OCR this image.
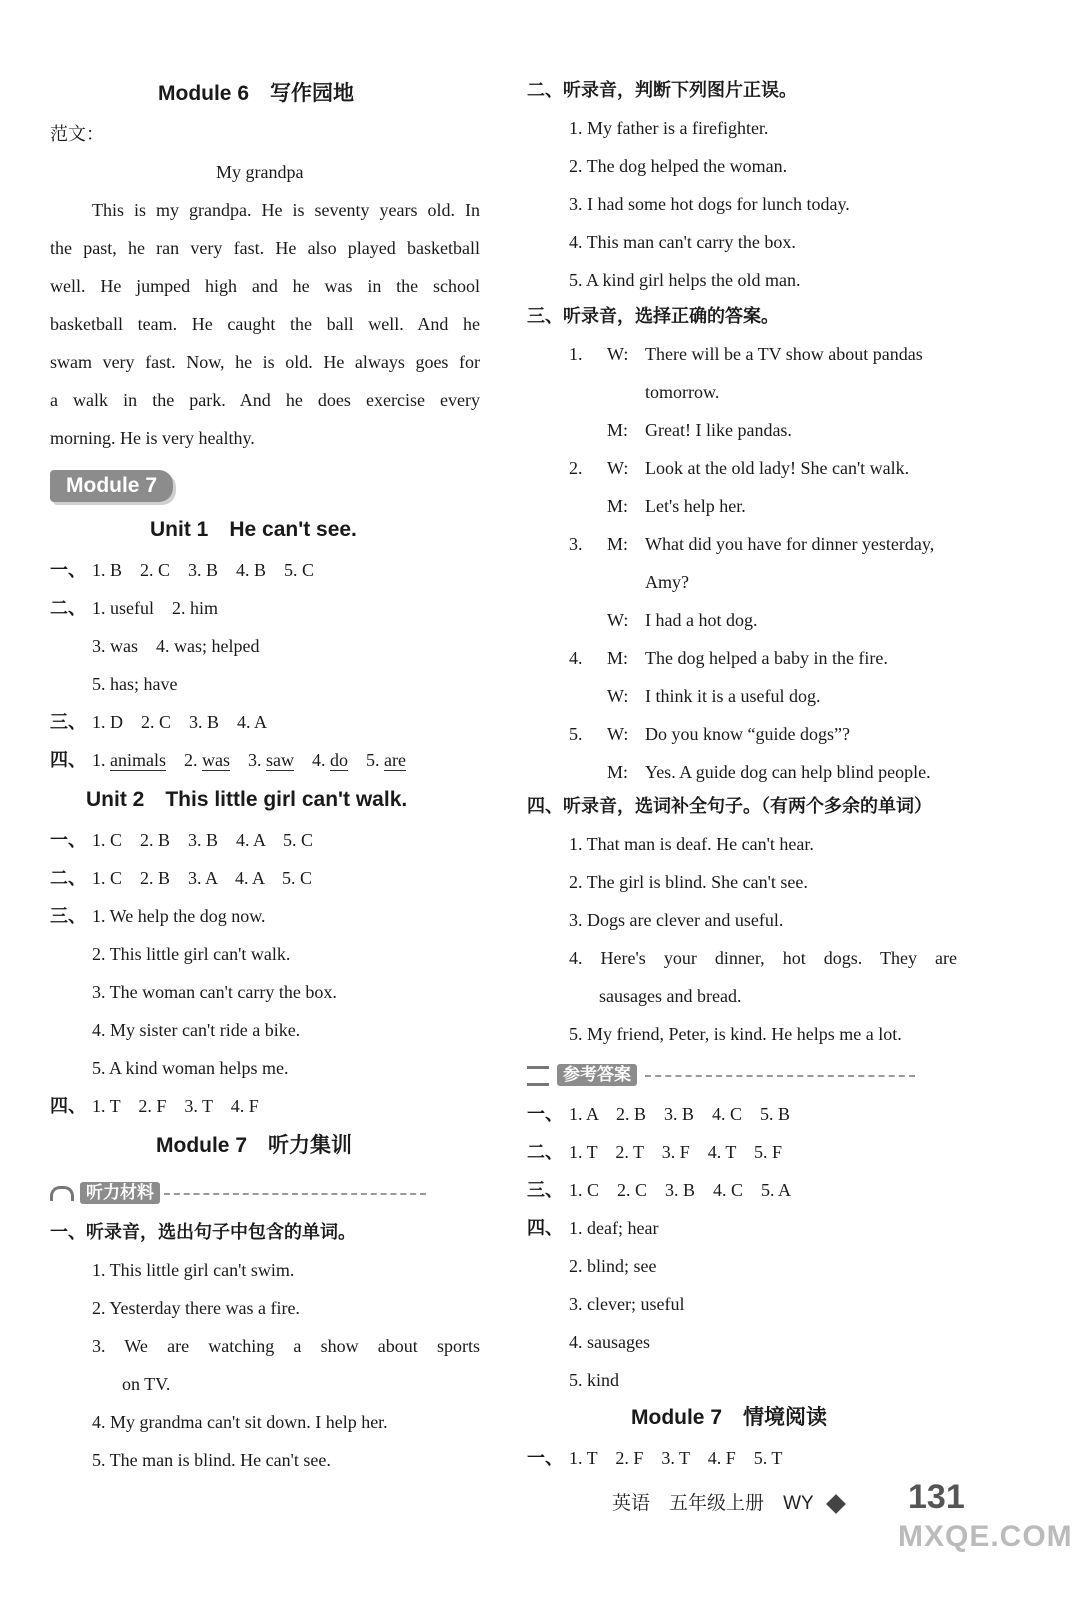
Module 6　写作园地
范文：
My grandpa
This is my grandpa. He is seventy years old. In
the past, he ran very fast. He also played basketball
well. He jumped high and he was in the school
basketball team. He caught the ball well. And he
swam very fast. Now, he is old. He always goes for
a walk in the park. And he does exercise every
morning. He is very healthy.
Module 7
Unit 1　He can't see.
一、 1. B　2. C　3. B　4. B　5. C
二、 1. useful　2. him
3. was　4. was; helped
5. has; have
三、 1. D　2. C　3. B　4. A
四、 1. animals　 2. was　 3. saw　 4. do　 5. are
Unit 2　This little girl can't walk.
一、 1. C　2. B　3. B　4. A　5. C
二、 1. C　2. B　3. A　4. A　5. C
三、 1. We help the dog now.
2. This little girl can't walk.
3. The woman can't carry the box.
4. My sister can't ride a bike.
5. A kind woman helps me.
四、 1. T　2. F　3. T　4. F
Module 7　听力集训
听力材料
一、听录音，选出句子中包含的单词。
1. This little girl can't swim.
2. Yesterday there was a fire.
3. We are watching a show about sports
on TV.
4. My grandma can't sit down. I help her.
5. The man is blind. He can't see.
二、听录音，判断下列图片正误。
1. My father is a firefighter.
2. The dog helped the woman.
3. I had some hot dogs for lunch today.
4. This man can't carry the box.
5. A kind girl helps the old man.
三、听录音，选择正确的答案。
1. W: There will be a TV show about pandas
tomorrow.
M: Great! I like pandas.
2. W: Look at the old lady! She can't walk.
M: Let's help her.
3. M: What did you have for dinner yesterday,
Amy?
W: I had a hot dog.
4. M: The dog helped a baby in the fire.
W: I think it is a useful dog.
5. W: Do you know “guide dogs”?
M: Yes. A guide dog can help blind people.
四、听录音，选词补全句子。（有两个多余的单词）
1. That man is deaf. He can't hear.
2. The girl is blind. She can't see.
3. Dogs are clever and useful.
4. Here's your dinner, hot dogs. They are
sausages and bread.
5. My friend, Peter, is kind. He helps me a lot.
参考答案
一、 1. A　2. B　3. B　4. C　5. B
二、 1. T　2. T　3. F　4. T　5. F
三、 1. C　2. C　3. B　4. C　5. A
四、 1. deaf; hear
2. blind; see
3. clever; useful
4. sausages
5. kind
Module 7　情境阅读
一、 1. T　2. F　3. T　4. F　5. T
英语　 五年级上册　 WY	131
MXQE.COM
